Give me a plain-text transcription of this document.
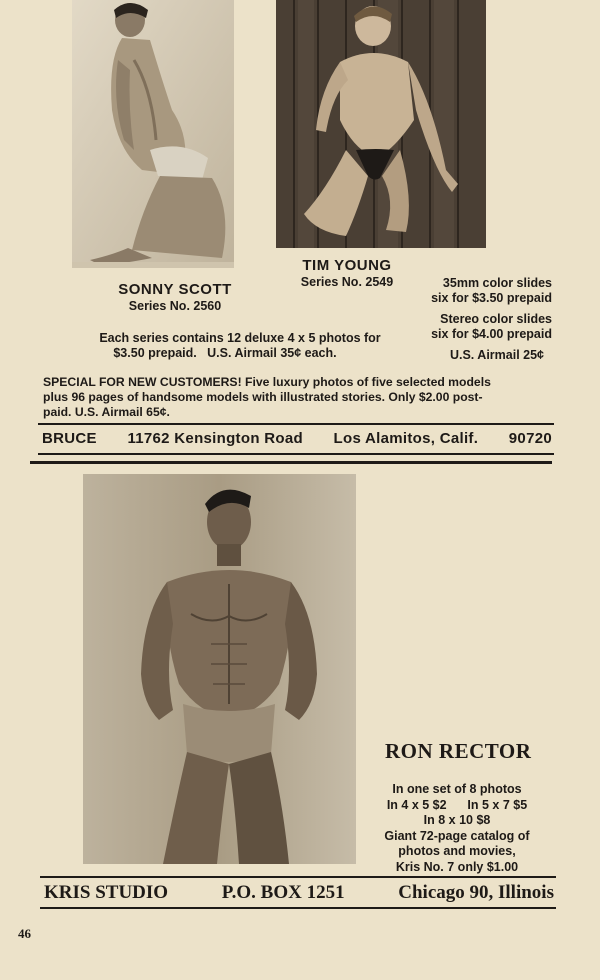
SONNY SCOTT
Series No. 2560
TIM YOUNG
Series No. 2549	35mm color slides
six for $3.50 prepaid
Stereo color slides
six for $4.00 prepaid
U.S. Airmail 25¢
Each series contains 12 deluxe 4 x 5 photos for
$3.50 prepaid.   U.S. Airmail 35¢ each.
SPECIAL FOR NEW CUSTOMERS! Five luxury photos of five selected models
plus 96 pages of handsome models with illustrated stories. Only $2.00 post-
paid. U.S. Airmail 65¢.
BRUCE 11762 Kensington Road Los Alamitos, Calif. 90720
RON RECTOR
In one set of 8 photos
In 4 x 5 $2      In 5 x 7 $5
In 8 x 10 $8
Giant 72-page catalog of
photos and movies,
Kris No. 7 only $1.00
KRIS STUDIO	P.O. BOX 1251	Chicago 90, Illinois
46
